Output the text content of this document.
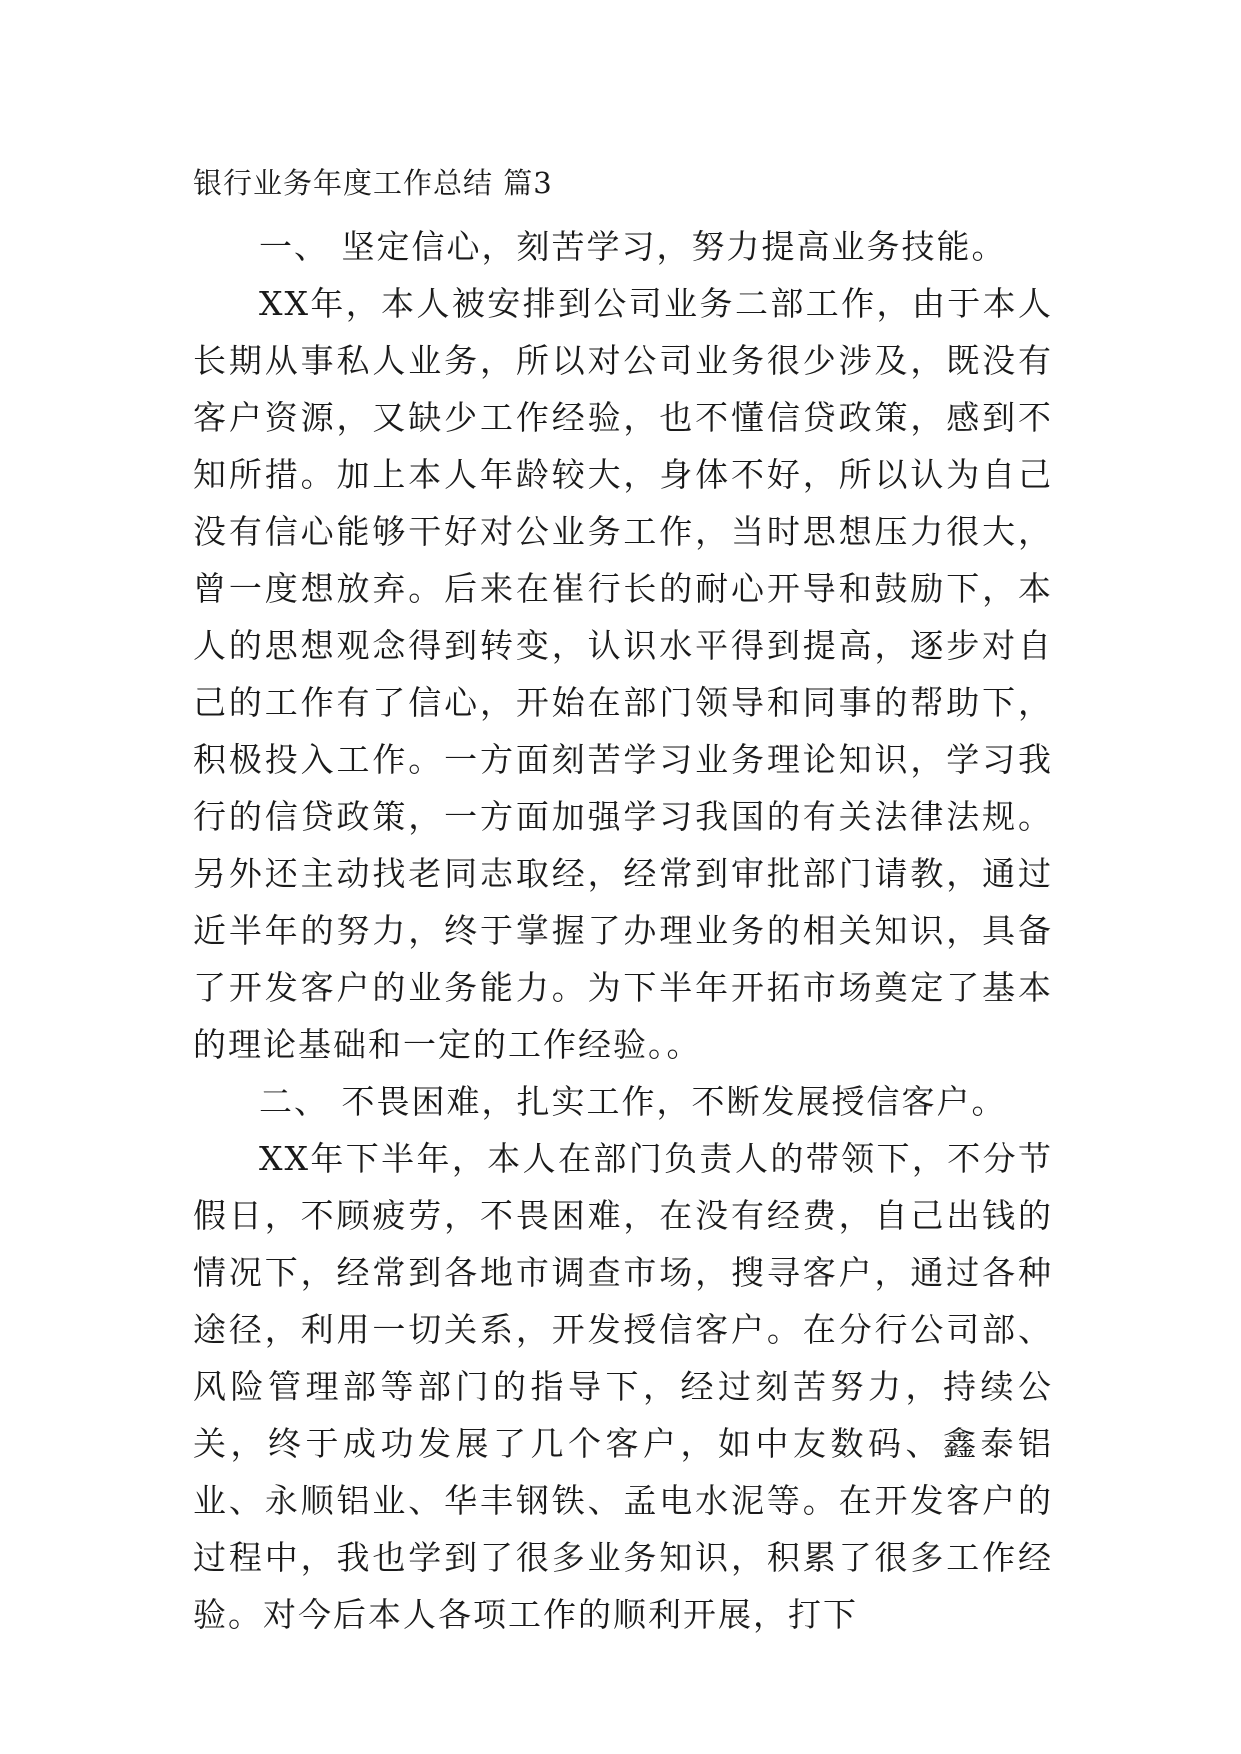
银行业务年度工作总结 篇3

一、 坚定信心，刻苦学习，努力提高业务技能。

XX年，本人被安排到公司业务二部工作，由于本人长期从事私人业务，所以对公司业务很少涉及，既没有客户资源，又缺少工作经验，也不懂信贷政策，感到不知所措。加上本人年龄较大，身体不好，所以认为自己没有信心能够干好对公业务工作，当时思想压力很大，曾一度想放弃。后来在崔行长的耐心开导和鼓励下，本人的思想观念得到转变，认识水平得到提高，逐步对自己的工作有了信心，开始在部门领导和同事的帮助下，积极投入工作。一方面刻苦学习业务理论知识，学习我行的信贷政策，一方面加强学习我国的有关法律法规。另外还主动找老同志取经，经常到审批部门请教，通过近半年的努力，终于掌握了办理业务的相关知识，具备了开发客户的业务能力。为下半年开拓市场奠定了基本的理论基础和一定的工作经验。。

二、 不畏困难，扎实工作，不断发展授信客户。

XX年下半年，本人在部门负责人的带领下，不分节假日，不顾疲劳，不畏困难，在没有经费，自己出钱的情况下，经常到各地市调查市场，搜寻客户，通过各种途径，利用一切关系，开发授信客户。在分行公司部、风险管理部等部门的指导下，经过刻苦努力，持续公关，终于成功发展了几个客户，如中友数码、鑫泰铝业、永顺铝业、华丰钢铁、孟电水泥等。在开发客户的过程中，我也学到了很多业务知识，积累了很多工作经验。对今后本人各项工作的顺利开展，打下
